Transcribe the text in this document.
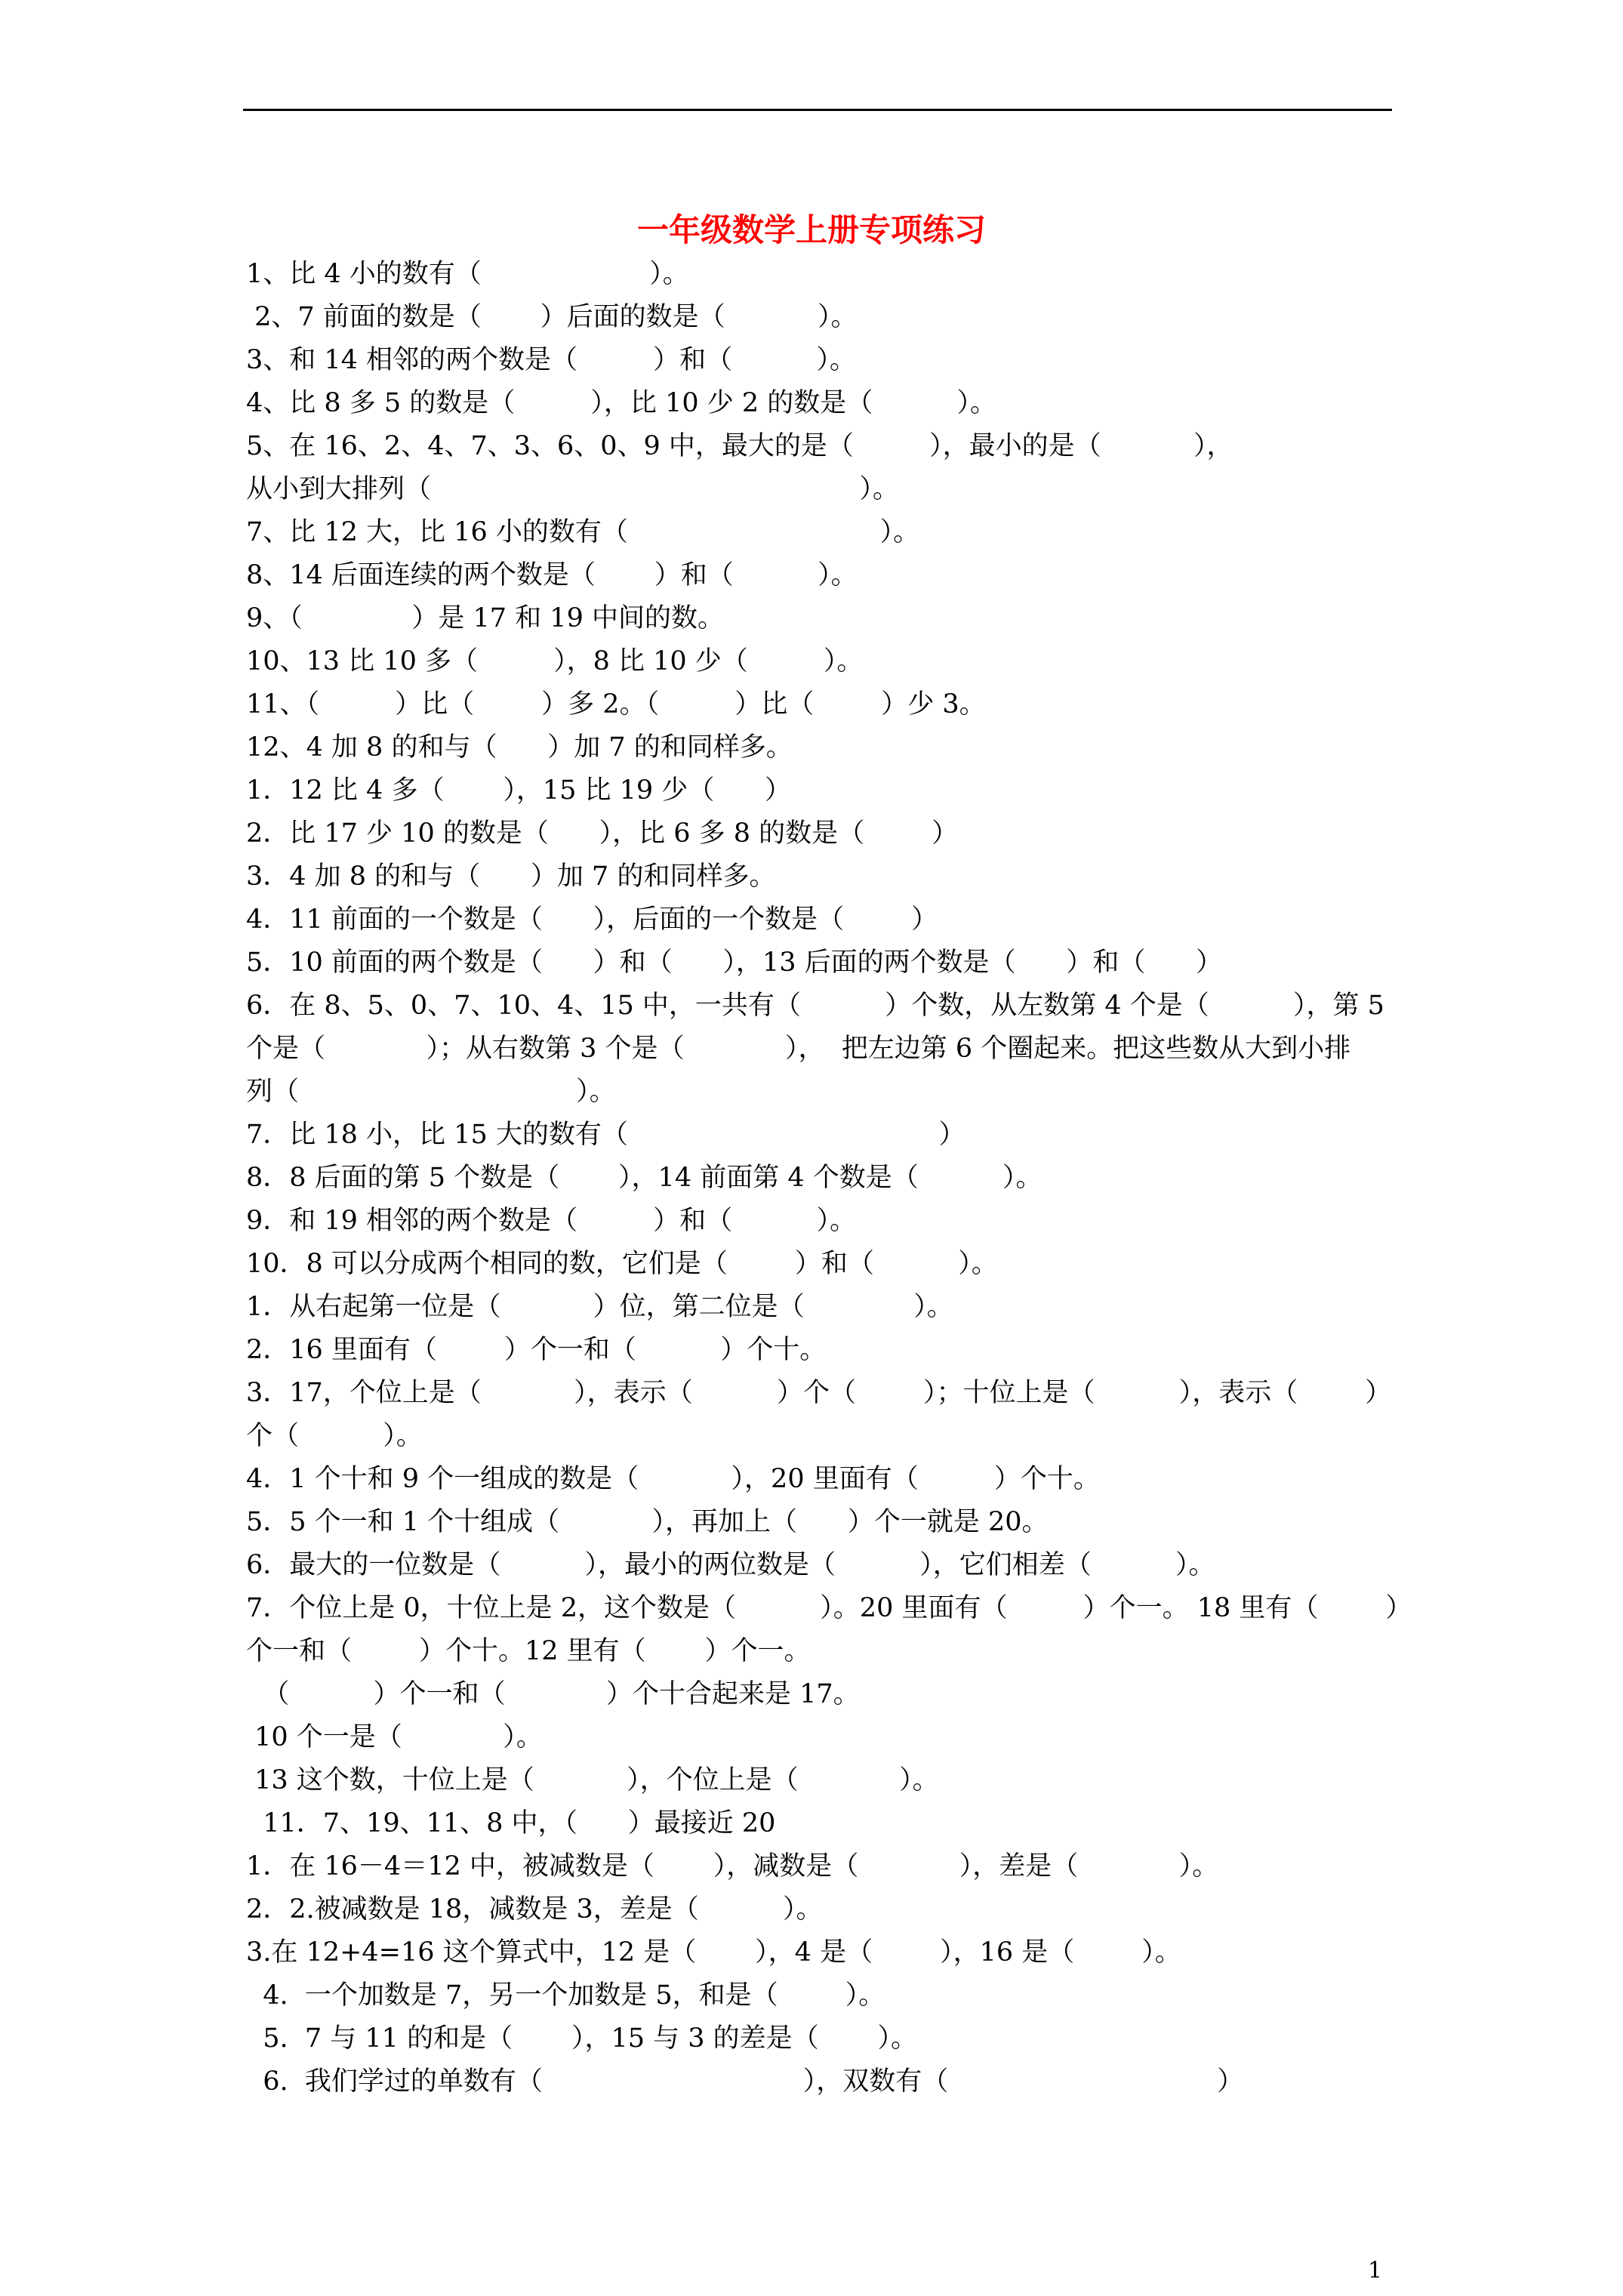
一年级数学上册专项练习
1、比 4 小的数有（                    ）。
2、7 前面的数是（       ）后面的数是（           ）。
3、和 14 相邻的两个数是（         ）和（          ）。
4、比 8 多 5 的数是（         ），比 10 少 2 的数是（          ）。
5、在 16、2、4、7、3、6、0、9 中，最大的是（         ），最小的是（           ），
从小到大排列（                                                   ）。
7、比 12 大，比 16 小的数有（                              ）。
8、14 后面连续的两个数是（       ）和（          ）。
9、（             ）是 17 和 19 中间的数。
10、13 比 10 多（         ），8 比 10 少（         ）。
11、（         ）比（        ）多 2。（         ）比（        ）少 3。
12、4 加 8 的和与（      ）加 7 的和同样多。
1．12 比 4 多（       ），15 比 19 少（      ）
2．比 17 少 10 的数是（      ），比 6 多 8 的数是（        ）
3．4 加 8 的和与（      ）加 7 的和同样多。
4．11 前面的一个数是（      ），后面的一个数是（        ）
5．10 前面的两个数是（      ）和（      ），13 后面的两个数是（      ）和（      ）
6．在 8、5、0、7、10、4、15 中，一共有（          ）个数，从左数第 4 个是（          ），第 5
个是（            ）；从右数第 3 个是（            ），  把左边第 6 个圈起来。把这些数从大到小排
列（                                 ）。
7．比 18 小，比 15 大的数有（                                     ）
8．8 后面的第 5 个数是（       ），14 前面第 4 个数是（          ）。
9．和 19 相邻的两个数是（         ）和（          ）。
10．8 可以分成两个相同的数，它们是（        ）和（          ）。
1．从右起第一位是（           ）位，第二位是（             ）。
2．16 里面有（        ）个一和（          ）个十。
3．17，个位上是（           ），表示（          ）个（        ）；十位上是（          ），表示（        ）
个（          ）。
4．1 个十和 9 个一组成的数是（           ），20 里面有（         ）个十。
5．5 个一和 1 个十组成（           ），再加上（      ）个一就是 20。
6．最大的一位数是（          ），最小的两位数是（          ），它们相差（          ）。
7．个位上是 0，十位上是 2，这个数是（          ）。20 里面有（         ）个一。 18 里有（        ）
个一和（        ）个十。12 里有（       ）个一。
（          ）个一和（            ）个十合起来是 17。
10 个一是（            ）。
13 这个数，十位上是（           ），个位上是（            ）。
11．7、19、11、8 中，（      ）最接近 20
1．在 16－4＝12 中，被减数是（       ），减数是（            ），差是（            ）。
2．2.被减数是 18，减数是 3，差是（          ）。
3.在 12+4=16 这个算式中，12 是（       ），4 是（        ），16 是（        ）。
4.  一个加数是 7，另一个加数是 5，和是（        ）。
5.  7 与 11 的和是（       ），15 与 3 的差是（       ）。
6.  我们学过的单数有（                               ），双数有（                                ）
1
